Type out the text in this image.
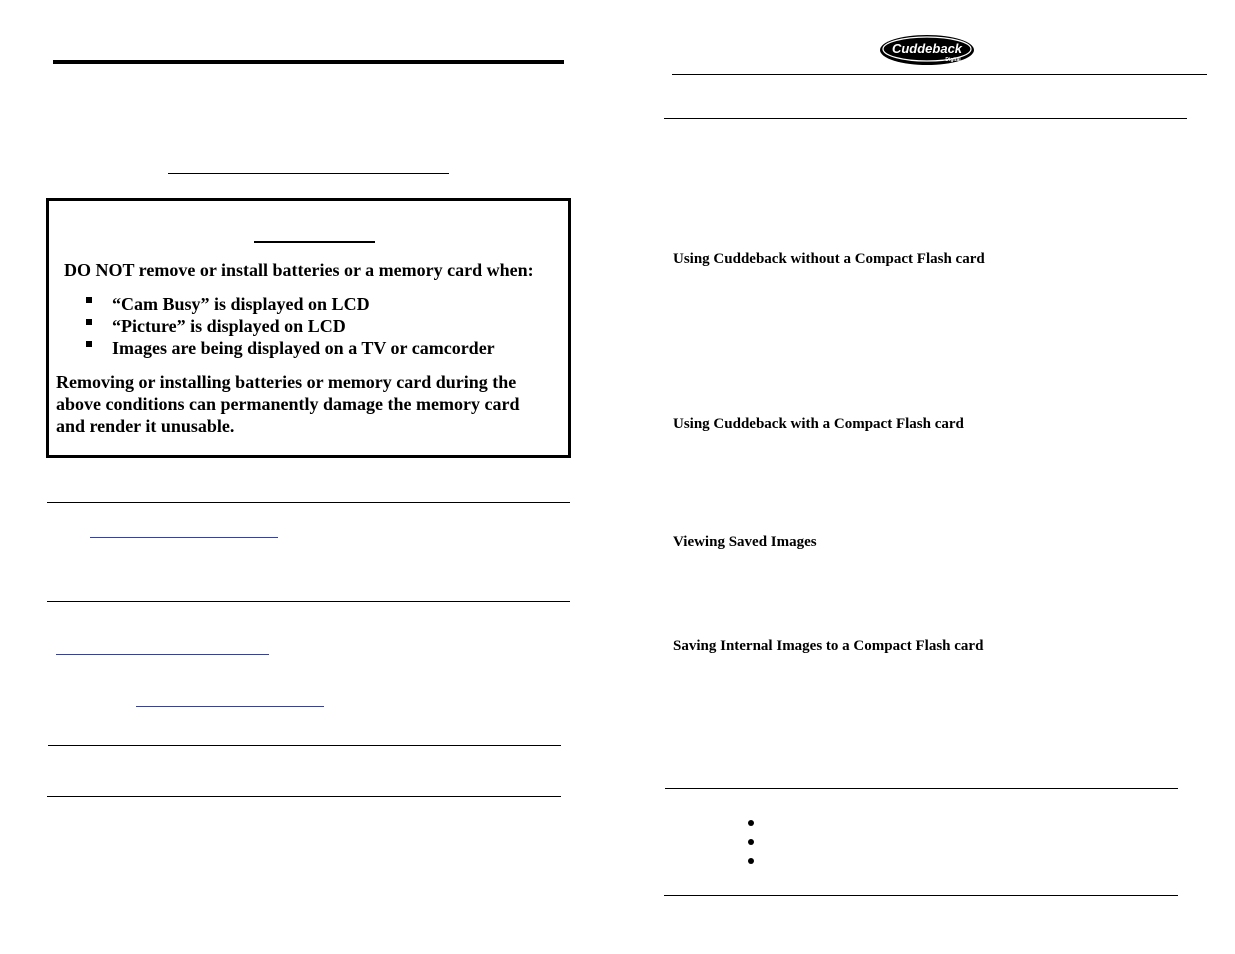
DO NOT remove or install batteries or a memory card when:
“Cam Busy” is displayed on LCD
“Picture” is displayed on LCD
Images are being displayed on a TV or camcorder
Removing or installing batteries or memory card during the
above conditions can permanently damage the memory card
and render it unusable.
Cuddeback
Digital
Using Cuddeback without a Compact Flash card
Using Cuddeback with a Compact Flash card
Viewing Saved Images
Saving Internal Images to a Compact Flash card
